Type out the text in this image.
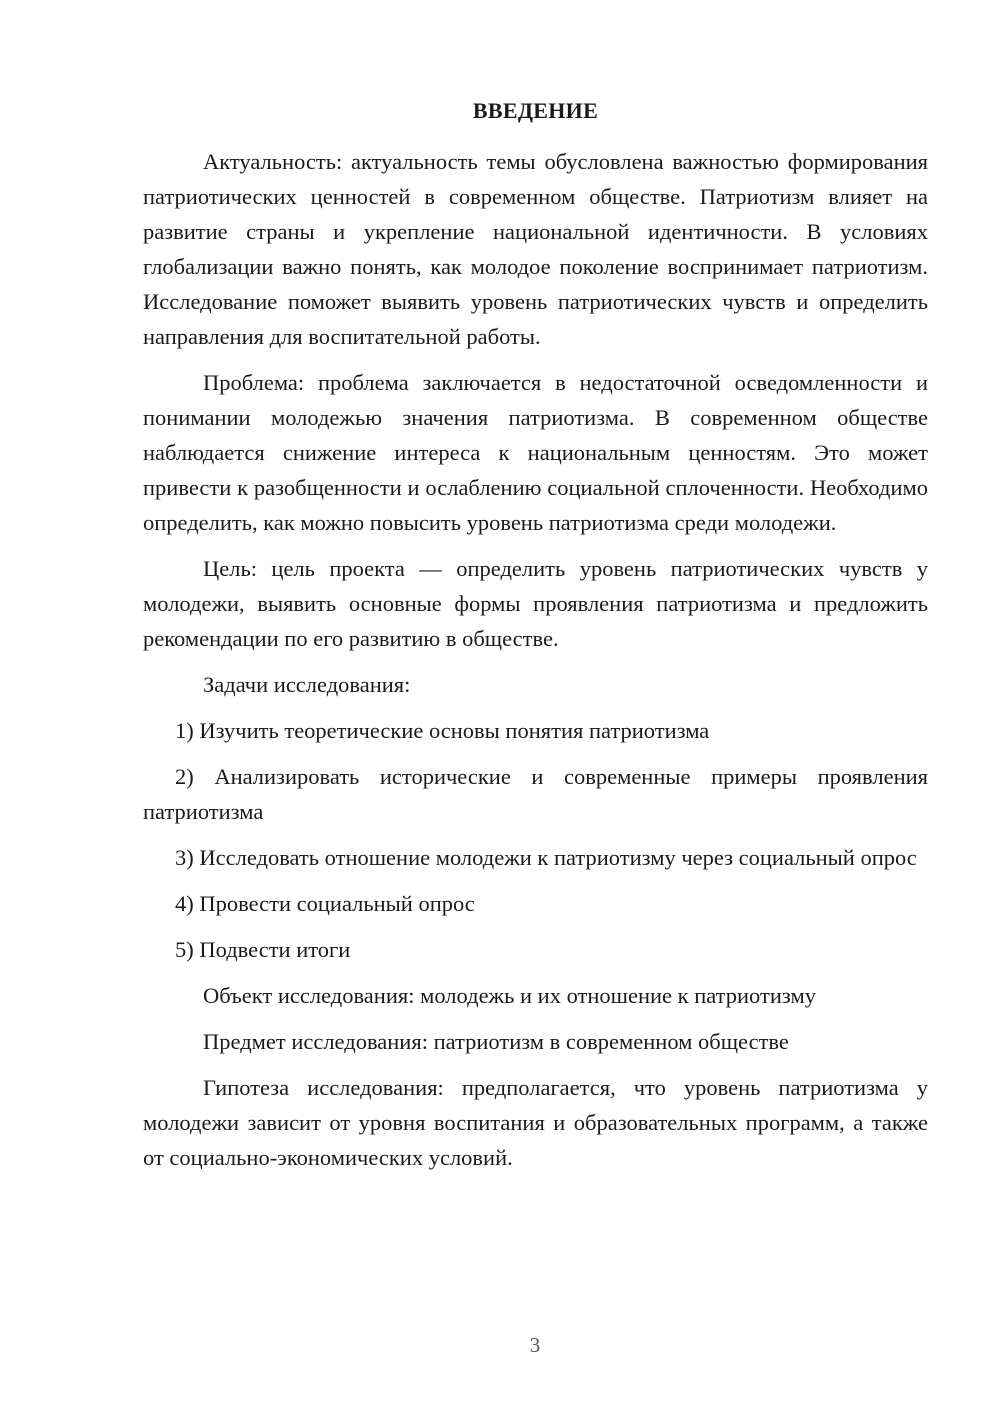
ВВЕДЕНИЕ

Актуальность: актуальность темы обусловлена важностью формирования патриотических ценностей в современном обществе. Патриотизм влияет на развитие страны и укрепление национальной идентичности. В условиях глобализации важно понять, как молодое поколение воспринимает патриотизм. Исследование поможет выявить уровень патриотических чувств и определить направления для воспитательной работы.

Проблема: проблема заключается в недостаточной осведомленности и понимании молодежью значения патриотизма. В современном обществе наблюдается снижение интереса к национальным ценностям. Это может привести к разобщенности и ослаблению социальной сплоченности. Необходимо определить, как можно повысить уровень патриотизма среди молодежи.

Цель: цель проекта — определить уровень патриотических чувств у молодежи, выявить основные формы проявления патриотизма и предложить рекомендации по его развитию в обществе.

Задачи исследования:

1) Изучить теоретические основы понятия патриотизма

2) Анализировать исторические и современные примеры проявления патриотизма

3) Исследовать отношение молодежи к патриотизму через социальный опрос

4) Провести социальный опрос

5) Подвести итоги

Объект исследования: молодежь и их отношение к патриотизму

Предмет исследования: патриотизм в современном обществе

Гипотеза исследования: предполагается, что уровень патриотизма у молодежи зависит от уровня воспитания и образовательных программ, а также от социально-экономических условий.

3
